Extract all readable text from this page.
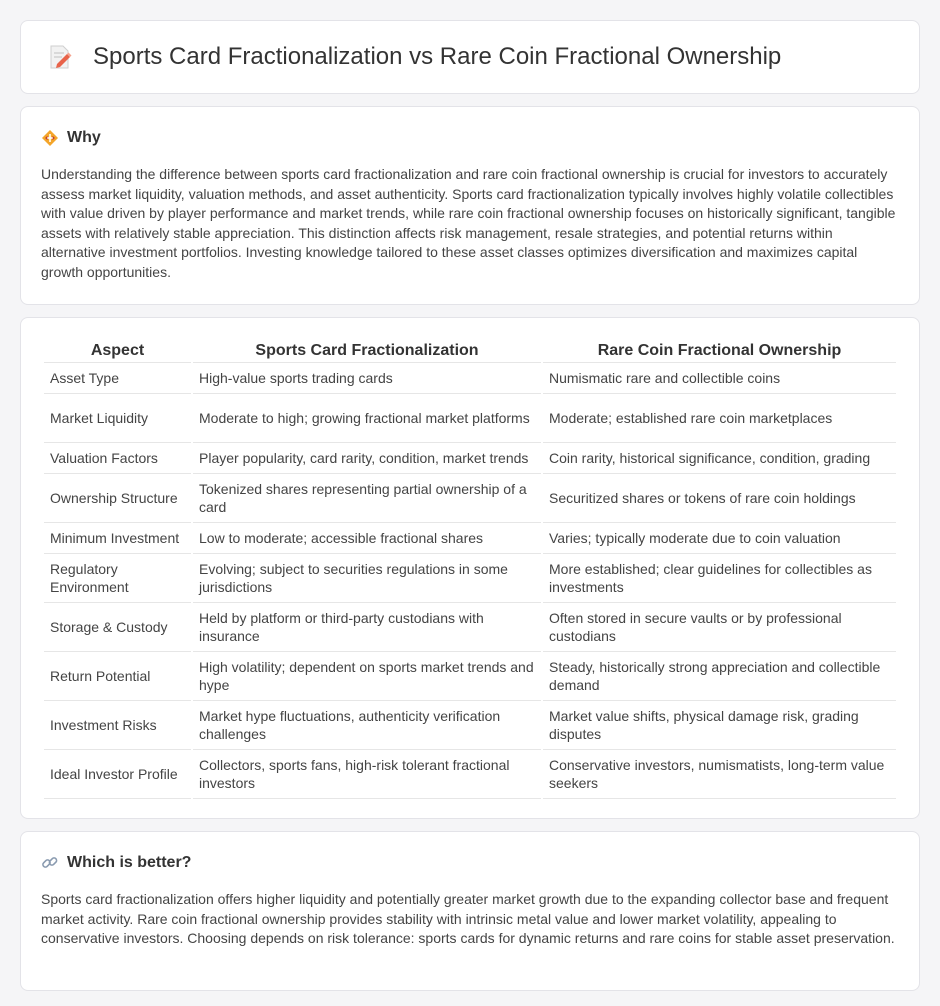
Sports Card Fractionalization vs Rare Coin Fractional Ownership
Why

Understanding the difference between sports card fractionalization and rare coin fractional ownership is crucial for investors to accurately assess market liquidity, valuation methods, and asset authenticity. Sports card fractionalization typically involves highly volatile collectibles with value driven by player performance and market trends, while rare coin fractional ownership focuses on historically significant, tangible assets with relatively stable appreciation. This distinction affects risk management, resale strategies, and potential returns within alternative investment portfolios. Investing knowledge tailored to these asset classes optimizes diversification and maximizes capital growth opportunities.

Aspect	Sports Card Fractionalization	Rare Coin Fractional Ownership
Asset Type	High-value sports trading cards	Numismatic rare and collectible coins
Market Liquidity	Moderate to high; growing fractional market platforms	Moderate; established rare coin marketplaces
Valuation Factors	Player popularity, card rarity, condition, market trends	Coin rarity, historical significance, condition, grading
Ownership Structure	Tokenized shares representing partial ownership of a card	Securitized shares or tokens of rare coin holdings
Minimum Investment	Low to moderate; accessible fractional shares	Varies; typically moderate due to coin valuation
Regulatory Environment	Evolving; subject to securities regulations in some jurisdictions	More established; clear guidelines for collectibles as investments
Storage & Custody	Held by platform or third-party custodians with insurance	Often stored in secure vaults or by professional custodians
Return Potential	High volatility; dependent on sports market trends and hype	Steady, historically strong appreciation and collectible demand
Investment Risks	Market hype fluctuations, authenticity verification challenges	Market value shifts, physical damage risk, grading disputes
Ideal Investor Profile	Collectors, sports fans, high-risk tolerant fractional investors	Conservative investors, numismatists, long-term value seekers
Which is better?

Sports card fractionalization offers higher liquidity and potentially greater market growth due to the expanding collector base and frequent market activity. Rare coin fractional ownership provides stability with intrinsic metal value and lower market volatility, appealing to conservative investors. Choosing depends on risk tolerance: sports cards for dynamic returns and rare coins for stable asset preservation.
